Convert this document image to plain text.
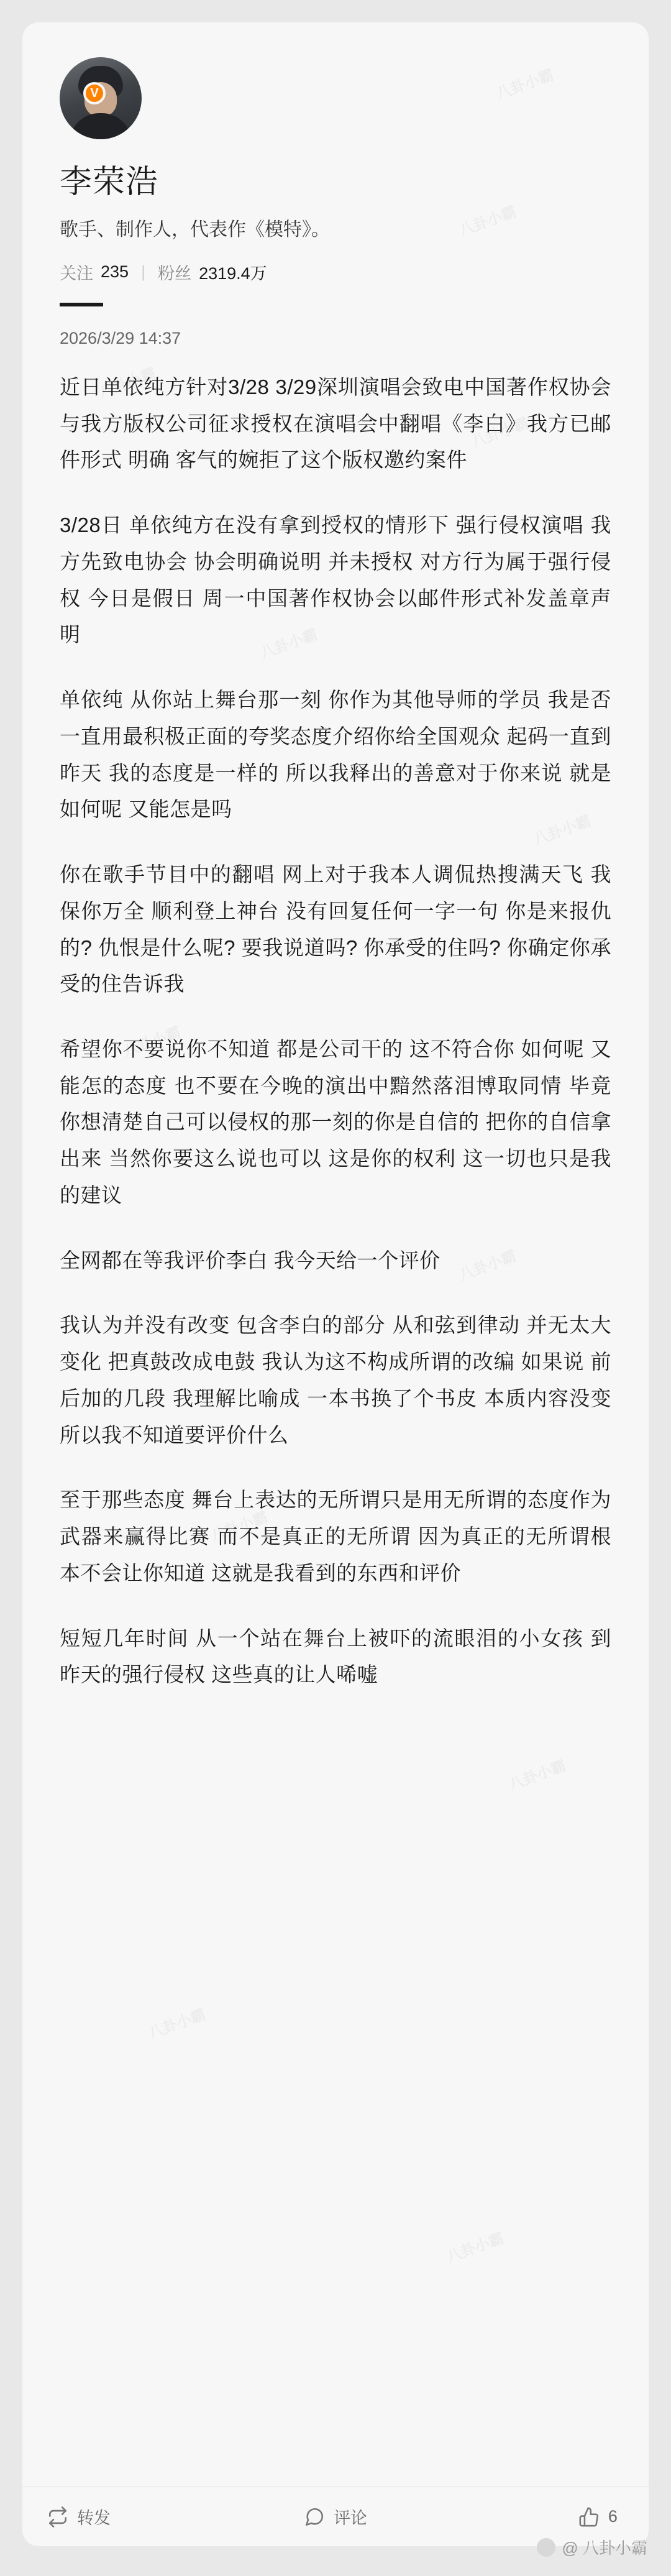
V
李荣浩
歌手、制作人，代表作《模特》。
关注 235 | 粉丝 2319.4万
2026/3/29 14:37

近日单依纯方针对3/28 3/29深圳演唱会致电中国著作权协会与我方版权公司征求授权在演唱会中翻唱《李白》我方已邮件形式 明确 客气的婉拒了这个版权邀约案件

3/28日 单依纯方在没有拿到授权的情形下 强行侵权演唱 我方先致电协会 协会明确说明 并未授权 对方行为属于强行侵权 今日是假日 周一中国著作权协会以邮件形式补发盖章声明

单依纯 从你站上舞台那一刻 你作为其他导师的学员 我是否一直用最积极正面的夸奖态度介绍你给全国观众 起码一直到昨天 我的态度是一样的 所以我释出的善意对于你来说 就是 如何呢 又能怎是吗

你在歌手节目中的翻唱 网上对于我本人调侃热搜满天飞 我保你万全 顺利登上神台 没有回复任何一字一句 你是来报仇的? 仇恨是什么呢? 要我说道吗? 你承受的住吗? 你确定你承受的住告诉我

希望你不要说你不知道 都是公司干的 这不符合你 如何呢 又能怎的态度 也不要在今晚的演出中黯然落泪博取同情 毕竟你想清楚自己可以侵权的那一刻的你是自信的 把你的自信拿出来 当然你要这么说也可以 这是你的权利 这一切也只是我的建议

全网都在等我评价李白 我今天给一个评价

我认为并没有改变 包含李白的部分 从和弦到律动 并无太大变化 把真鼓改成电鼓 我认为这不构成所谓的改编 如果说 前后加的几段 我理解比喻成 一本书换了个书皮 本质内容没变 所以我不知道要评价什么

至于那些态度 舞台上表达的无所谓只是用无所谓的态度作为武器来赢得比赛 而不是真正的无所谓 因为真正的无所谓根本不会让你知道 这就是我看到的东西和评价

短短几年时间 从一个站在舞台上被吓的流眼泪的小女孩 到昨天的强行侵权 这些真的让人唏嘘

转发	评论	6
@ 八卦小霸
